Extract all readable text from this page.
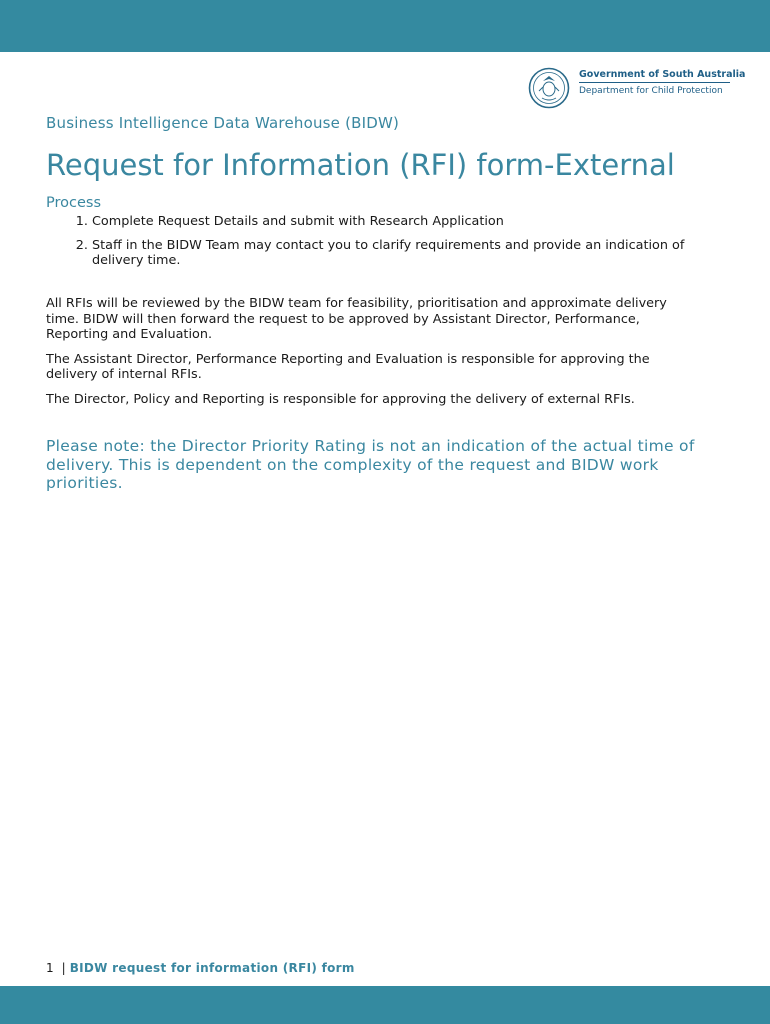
Government of South Australia
Department for Child Protection

Business Intelligence Data Warehouse (BIDW)

Request for Information (RFI) form-External
Process
1. Complete Request Details and submit with Research Application
2. Staff in the BIDW Team may contact you to clarify requirements and provide an indication of delivery time.

All RFIs will be reviewed by the BIDW team for feasibility, prioritisation and approximate delivery time. BIDW will then forward the request to be approved by Assistant Director, Performance, Reporting and Evaluation.

The Assistant Director, Performance Reporting and Evaluation is responsible for approving the delivery of internal RFIs.

The Director, Policy and Reporting is responsible for approving the delivery of external RFIs.

Please note: the Director Priority Rating is not an indication of the actual time of delivery. This is dependent on the complexity of the request and BIDW work priorities.

1 | BIDW request for information (RFI) form
